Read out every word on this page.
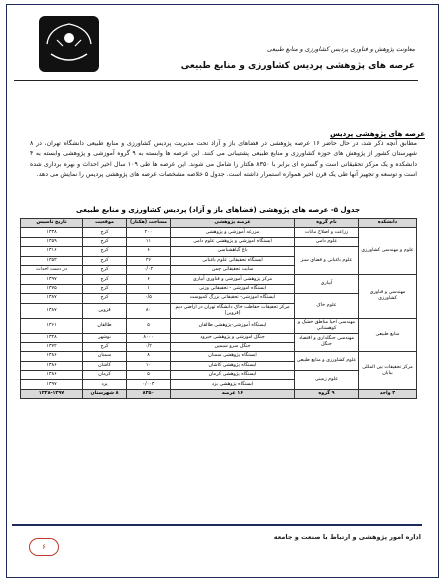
معاونت پژوهش و فناوری پردیس کشاورزی و منابع طبیعی
عرصه های پژوهشی پردیس کشاورزی و منابع طبیعی
عرصه های پژوهشی پردیس

مطابق آنچه ذکر شد، در حال حاضر ۱۶ عرصه پژوهشی در فضاهای باز و آزاد تحت مدیریت پردیس کشاورزی و منابع طبیعی دانشگاه تهران، در ۸ شهرستان کشور از پژوهش های حوزه کشاورزی و منابع طبیعی پشتیبانی می کنند. این عرصه ها وابسته به ۹ گروه آموزشی و پژوهشی وابسته به ۴ دانشکده و یک مرکز تحقیقاتی است و گستره ای برابر با ۸۳۵۰ هکتار را شامل می شوند. این عرصه ها طی ۱۰۹ سال اخیر احداث و بهره برداری شده است و توسعه و تجهیز آنها طی یک قرن اخیر همواره استمرار داشته است. جدول ۵ خلاصه مشخصات عرصه های پژوهشی پردیس را نمایش می دهد.

جدول ۵- عرصه های پژوهشی (فضاهای باز و آزاد) پردیس کشاورزی و منابع طبیعی
دانشکده	نام گروه	عرصه پژوهشی	مساحت (هکتار)	موقعیت	تاریخ تاسیس
علوم و مهندسی کشاورزی	زراعت و اصلاح نباتات	مزرعه آموزشی و پژوهشی	۲۰۰	کرج	۱۳۳۸
	علوم دامی	ایستگاه آموزشی و پژوهشی علوم دامی	۱۱	کرج	۱۳۵۹
	علوم باغبانی و فضای سبز	باغ گیاهشناسی	۶	کرج	۱۳۱۶
		ایستگاه تحقیقاتی علوم باغبانی	۳۶	کرج	۱۳۵۳
		سایت تحقیقاتی چمن	۰/۰۲	کرج	در دست احداث
مهندسی و فناوری کشاورزی	آبیاری	مرکز پژوهشی آموزشی و فناوری آبیاری	۶	کرج	۱۳۹۷
		ایستگاه آموزشی - تحقیقاتی وزنی	۱	کرج	۱۳۷۵
	علوم خاک	ایستگاه آموزشی- تحقیقاتی بزرگ کمپوست	۰/۵	کرج	۱۳۸۷
		مرکز تحقیقات حفاظت خاک دانشگاه تهران در اراضی دیم (قزوین)	۸۰	قزوین	۱۳۸۷
منابع طبیعی	مهندسی احیا مناطق خشک و کوهستانی	ایستگاه آموزشی-پژوهشی طالقان	۵	طالقان	۱۳۶۱
	مهندسی جنگلداری و اقتصاد جنگل	جنگل آموزشی و پژوهشی خیرود	۸۰۰۰	نوشهر	۱۳۴۸
		جنگل سرو سیمین	۰/۲	کرج	۱۳۷۲
مرکز تحقیقات بین المللی بیابان	علوم کشاورزی و منابع طبیعی	ایستگاه پژوهشی سمنان	۸	سمنان	۱۳۸۶
		ایستگاه پژوهشی کاشان	۱۰	کاشان	۱۳۸۶
	علوم زمینی	ایستگاه پژوهشی کرمان	۵	کرمان	۱۳۸۶
		ایستگاه پژوهشی یزد	۰/۰۰۴	یزد	۱۳۹۷
۴ واحد	۹ گروه	۱۶ عرصه	۸۳۵۰	۸ شهرستان	۱۳۲۸-۱۳۹۷
اداره امور پژوهشی و ارتباط با صنعت و جامعه
۶
